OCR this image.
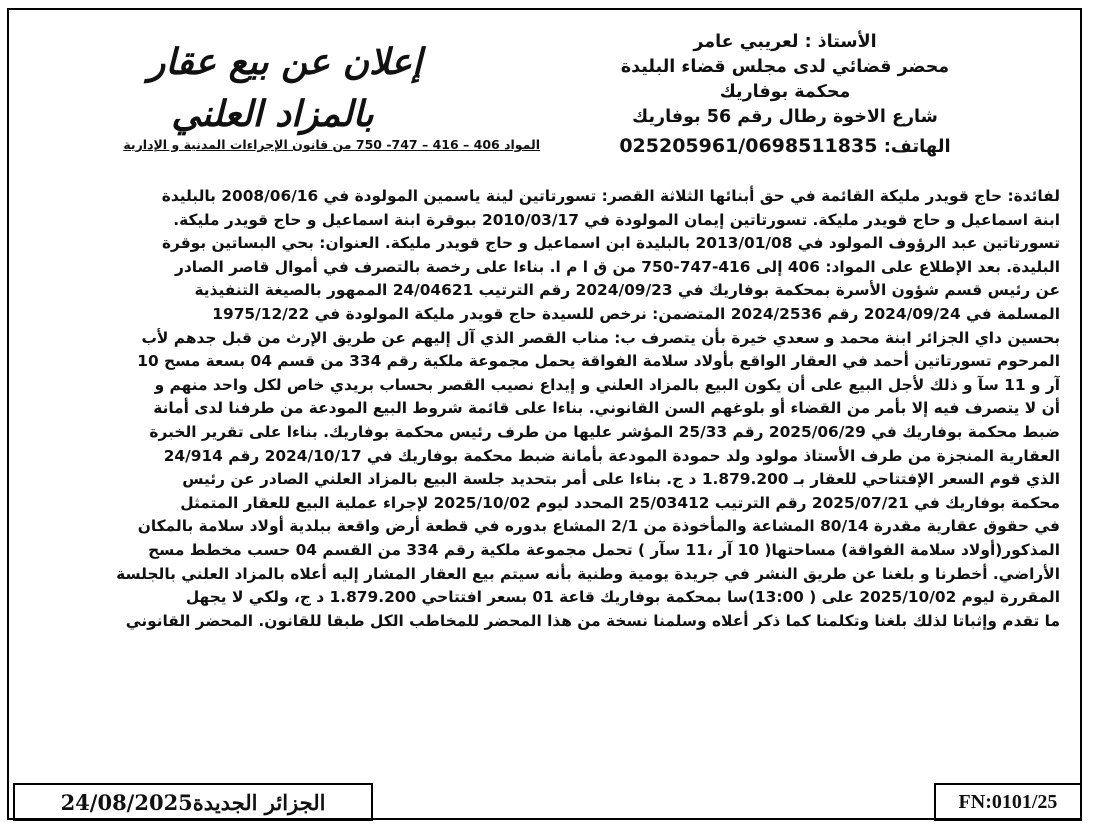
الأستاذ : لعريبي عامر
محضر قضائي لدى مجلس قضاء البليدة
محكمة بوفاريك
شارع الاخوة رطال رقم 56 بوفاريك
الهاتف: 025205961/0698511835
إعلان عن بيع عقار
بالمزاد العلني
المواد 406 – 416 – 747- 750 من قانون الإجراءات المدنية و الإدارية
لفائدة: حاج قويدر مليكة القائمة في حق أبنائها الثلاثة القصر: تسورتاتين لينة ياسمين المولودة في 2008/06/16 بالبليدة
ابنة اسماعيل و حاج قويدر مليكة. تسورتاتين إيمان المولودة في 2010/03/17 ببوقرة ابنة اسماعيل و حاج قويدر مليكة.
تسورتاتين عبد الرؤوف المولود في 2013/01/08 بالبليدة ابن اسماعيل و حاج قويدر مليكة. العنوان: بحي البساتين بوقرة
البليدة. بعد الإطلاع على المواد: 406 إلى 416-747-750 من ق ا م ا. بناءا على رخصة بالتصرف في أموال قاصر الصادر
عن رئيس قسم شؤون الأسرة بمحكمة بوفاريك في 2024/09/23 رقم الترتيب 24/04621 الممهور بالصيغة التنفيذية
المسلمة في 2024/09/24 رقم 2024/2536 المتضمن: نرخص للسيدة حاج قويدر مليكة المولودة في 1975/12/22
بحسين داي الجزائر ابنة محمد و سعدي خيرة بأن يتصرف ب: مناب القصر الذي آل إليهم عن طريق الإرث من قبل جدهم لأب
المرحوم تسورتاتين أحمد في العقار الواقع بأولاد سلامة الفواقة يحمل مجموعة ملكية رقم 334 من قسم 04 بسعة مسح 10
آر و 11 سآ و ذلك لأجل البيع على أن يكون البيع بالمزاد العلني و إيداع نصيب القصر بحساب بريدي خاص لكل واحد منهم و
أن لا يتصرف فيه إلا بأمر من القضاء أو بلوغهم السن القانوني. بناءا على قائمة شروط البيع المودعة من طرفنا لدى أمانة
ضبط محكمة بوفاريك في 2025/06/29 رقم 25/33 المؤشر عليها من طرف رئيس محكمة بوفاريك. بناءا على تقرير الخبرة
العقارية المنجزة من طرف الأستاذ مولود ولد حمودة المودعة بأمانة ضبط محكمة بوفاريك في 2024/10/17 رقم 24/914
الذي قوم السعر الإفتتاحي للعقار بـ 1.879.200 د ج. بناءا على أمر بتحديد جلسة البيع بالمزاد العلني الصادر عن رئيس
محكمة بوفاريك في 2025/07/21 رقم الترتيب 25/03412 المحدد ليوم 2025/10/02 لإجراء عملية البيع للعقار المتمثل
في حقوق عقارية مقدرة 80/14 المشاعة والمأخوذة من 2/1 المشاع بدوره في قطعة أرض واقعة ببلدية أولاد سلامة بالمكان
المذكور(أولاد سلامة الفواقة) مساحتها( 10 آر ،11 سآر ) تحمل مجموعة ملكية رقم 334 من القسم 04 حسب مخطط مسح
الأراضي. أخطرنا و بلغنا عن طريق النشر في جريدة يومية وطنية بأنه سيتم بيع العقار المشار إليه أعلاه بالمزاد العلني بالجلسة
المقررة ليوم 2025/10/02 على ( 13:00)سا بمحكمة بوفاريك قاعة 01 بسعر افتتاحي 1.879.200 د ج، ولكي لا يجهل
ما تقدم وإثباتا لذلك بلغنا وتكلمنا كما ذكر أعلاه وسلمنا نسخة من هذا المحضر للمخاطب الكل طبقا للقانون. المحضر القانوني
الجزائر الجديدة24/08/2025	FN:0101/25
